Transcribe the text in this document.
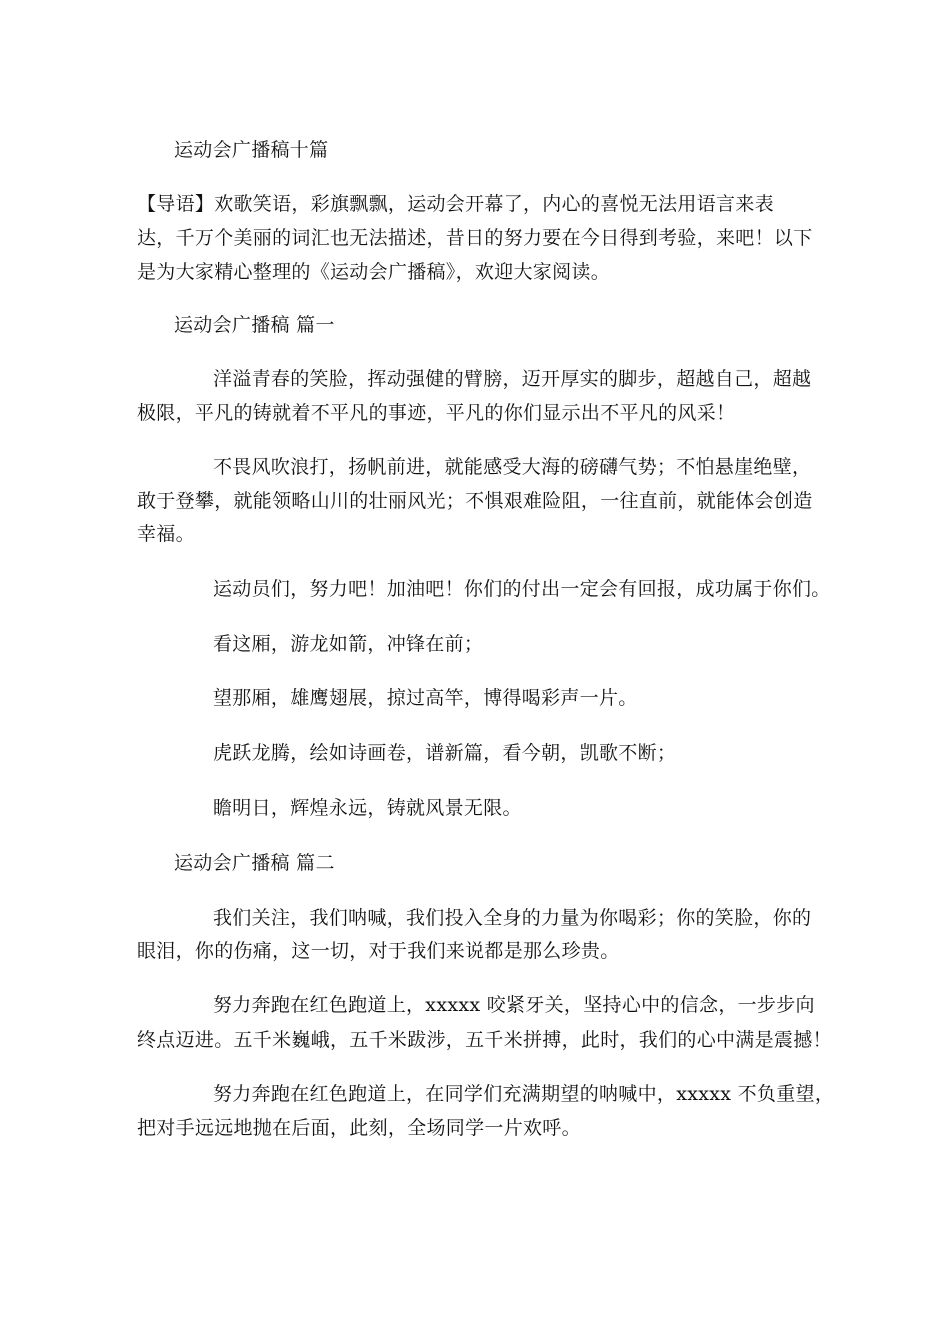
运动会广播稿十篇
【导语】欢歌笑语，彩旗飘飘，运动会开幕了，内心的喜悦无法用语言来表
达，千万个美丽的词汇也无法描述，昔日的努力要在今日得到考验，来吧！以下
是为大家精心整理的《运动会广播稿》，欢迎大家阅读。
运动会广播稿 篇一
洋溢青春的笑脸，挥动强健的臂膀，迈开厚实的脚步，超越自己，超越
极限，平凡的铸就着不平凡的事迹，平凡的你们显示出不平凡的风采！
不畏风吹浪打，扬帆前进，就能感受大海的磅礴气势；不怕悬崖绝壁，
敢于登攀，就能领略山川的壮丽风光；不惧艰难险阻，一往直前，就能体会创造
幸福。
运动员们，努力吧！加油吧！你们的付出一定会有回报，成功属于你们。
看这厢，游龙如箭，冲锋在前；
望那厢，雄鹰翅展，掠过高竿，博得喝彩声一片。
虎跃龙腾，绘如诗画卷，谱新篇，看今朝，凯歌不断；
瞻明日，辉煌永远，铸就风景无限。
运动会广播稿 篇二
我们关注，我们呐喊，我们投入全身的力量为你喝彩；你的笑脸，你的
眼泪，你的伤痛，这一切，对于我们来说都是那么珍贵。
努力奔跑在红色跑道上，xxxxx 咬紧牙关，坚持心中的信念，一步步向
终点迈进。五千米巍峨，五千米跋涉，五千米拼搏，此时，我们的心中满是震撼！
努力奔跑在红色跑道上，在同学们充满期望的呐喊中，xxxxx 不负重望，
把对手远远地抛在后面，此刻，全场同学一片欢呼。
